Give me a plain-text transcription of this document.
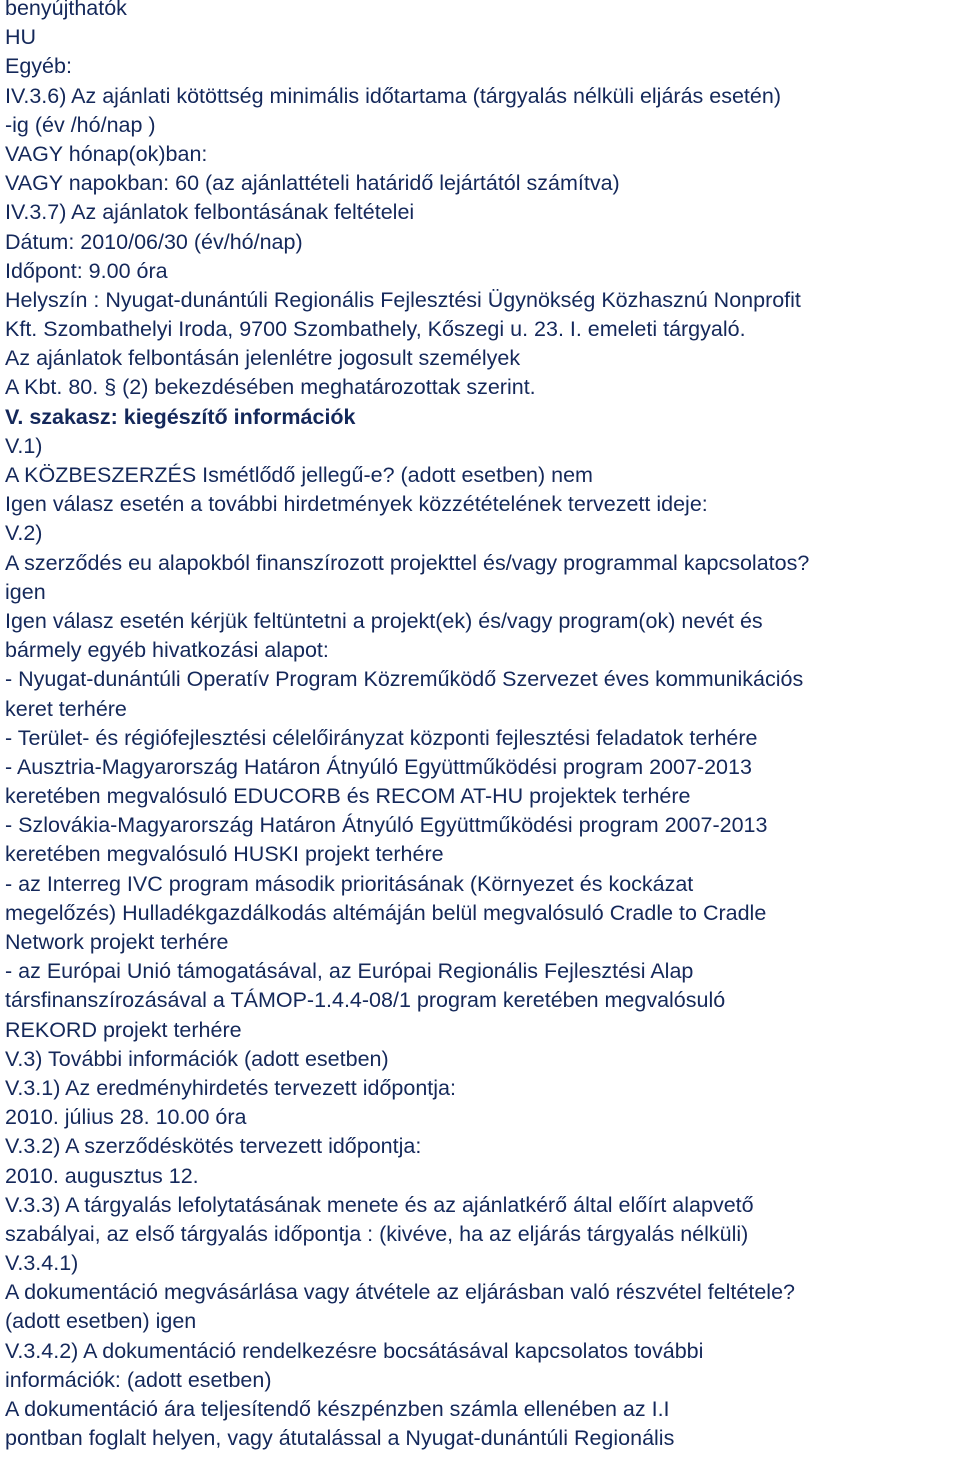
benyújthatók
HU
Egyéb:
IV.3.6) Az ajánlati kötöttség minimális időtartama (tárgyalás nélküli eljárás esetén)
-ig (év /hó/nap )
VAGY hónap(ok)ban:
VAGY napokban: 60 (az ajánlattételi határidő lejártától számítva)
IV.3.7) Az ajánlatok felbontásának feltételei
Dátum: 2010/06/30 (év/hó/nap)
Időpont: 9.00 óra
Helyszín : Nyugat-dunántúli Regionális Fejlesztési Ügynökség Közhasznú Nonprofit
Kft. Szombathelyi Iroda, 9700 Szombathely, Kőszegi u. 23. I. emeleti tárgyaló.
Az ajánlatok felbontásán jelenlétre jogosult személyek
A Kbt. 80. § (2) bekezdésében meghatározottak szerint.
V. szakasz: kiegészítő információk
V.1)
A KÖZBESZERZÉS Ismétlődő jellegű-e? (adott esetben) nem
Igen válasz esetén a további hirdetmények közzétételének tervezett ideje:
V.2)
A szerződés eu alapokból finanszírozott projekttel és/vagy programmal kapcsolatos?
igen
Igen válasz esetén kérjük feltüntetni a projekt(ek) és/vagy program(ok) nevét és
bármely egyéb hivatkozási alapot:
- Nyugat-dunántúli Operatív Program Közreműködő Szervezet éves kommunikációs
keret terhére
- Terület- és régiófejlesztési célelőirányzat központi fejlesztési feladatok terhére
- Ausztria-Magyarország Határon Átnyúló Együttműködési program 2007-2013
keretében megvalósuló EDUCORB és RECOM AT-HU projektek terhére
- Szlovákia-Magyarország Határon Átnyúló Együttműködési program 2007-2013
keretében megvalósuló HUSKI projekt terhére
- az Interreg IVC program második prioritásának (Környezet és kockázat
megelőzés) Hulladékgazdálkodás altémáján belül megvalósuló Cradle to Cradle
Network projekt terhére
- az Európai Unió támogatásával, az Európai Regionális Fejlesztési Alap
társfinanszírozásával a TÁMOP-1.4.4-08/1 program keretében megvalósuló
REKORD projekt terhére
V.3) További információk (adott esetben)
V.3.1) Az eredményhirdetés tervezett időpontja:
2010. július 28. 10.00 óra
V.3.2) A szerződéskötés tervezett időpontja:
2010. augusztus 12.
V.3.3) A tárgyalás lefolytatásának menete és az ajánlatkérő által előírt alapvető
szabályai, az első tárgyalás időpontja : (kivéve, ha az eljárás tárgyalás nélküli)
V.3.4.1)
A dokumentáció megvásárlása vagy átvétele az eljárásban való részvétel feltétele?
(adott esetben) igen
V.3.4.2) A dokumentáció rendelkezésre bocsátásával kapcsolatos további
információk: (adott esetben)
A dokumentáció ára teljesítendő készpénzben számla ellenében az I.I
pontban foglalt helyen, vagy átutalással a Nyugat-dunántúli Regionális
